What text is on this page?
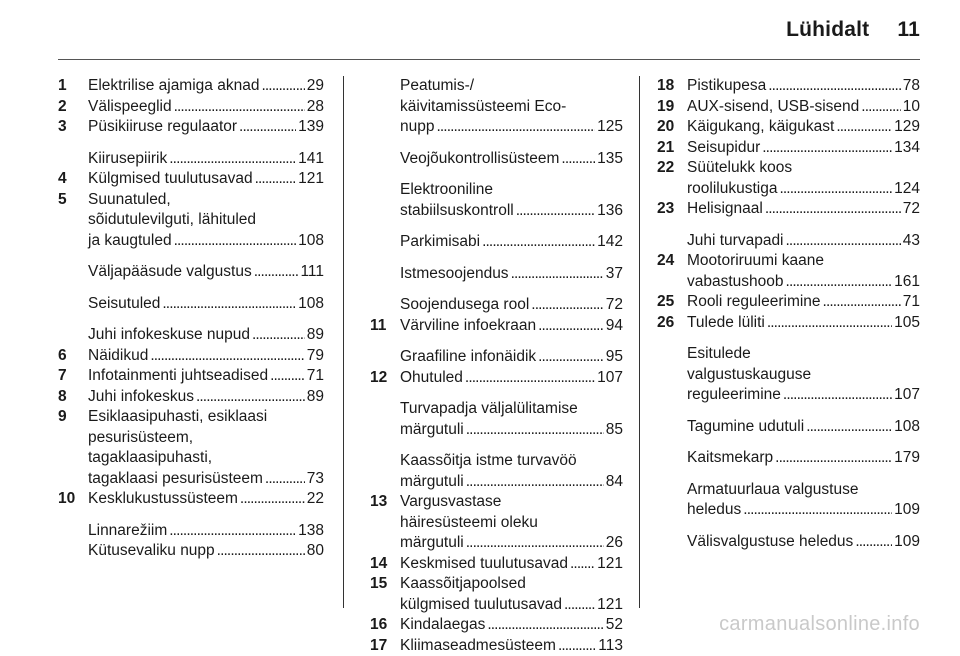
Lühidalt 11
1	Elektrilise ajamiga aknad . . .	29
2	Välispeeglid . . .	28
3	Püsikiiruse regulaator . . .	139
Kiirusepiirik . . .	141
4	Külgmised tuulutusavad . . .	121
5	Suunatuled,
sõidutulevilguti, lähituled
ja kaugtuled . . .	108
Väljapääsude valgustus . . .	111
Seisutuled . . .	108
Juhi infokeskuse nupud . . .	89
6	Näidikud . . .	79
7	Infotainmenti juhtseadised . . . 71
8	Juhi infokeskus . . .	89
9	Esiklaasipuhasti, esiklaasi
pesurisüsteem,
tagaklaasipuhasti,
tagaklaasi pesurisüsteem . . .	73
10 Kesklukustussüsteem . . .	22
Linnarežiim . . .	138
Kütusevaliku nupp . . .	80
Peatumis-/
käivitamissüsteemi Eco-
nupp . . .	125
Veojõukontrollisüsteem . . . 135
Elektrooniline
stabiilsuskontroll . . .	136
Parkimisabi . . .	142
Istmesoojendus . . .	37
Soojendusega rool . . .	72
11 Värviline infoekraan . . .	94
Graafiline infonäidik . . .	95
12 Ohutuled . . .	107
Turvapadja väljalülitamise
märgutuli . . .	85
Kaassõitja istme turvavöö
märgutuli . . .	84
13 Vargusvastase
häiresüsteemi oleku
märgutuli . . .	26
14 Keskmised tuulutusavad . . . 121
15 Kaassõitjapoolsed
külgmised tuulutusavad . . . 121
16 Kindalaegas . . .	52
17 Kliimaseadmesüsteem . . .	113
18 Pistikupesa . . .	78
19 AUX-sisend, USB-sisend . . .	10
20 Käigukang, käigukast . . .	129
21 Seisupidur . . .	134
22 Süütelukk koos
roolilukustiga . . .	124
23 Helisignaal . . .	72
Juhi turvapadi . . .	43
24 Mootoriruumi kaane
vabastushoob . . .	161
25 Rooli reguleerimine . . .	71
26 Tulede lüliti . . .	105
Esitulede
valgustuskauguse
reguleerimine . . .	107
Tagumine udutuli . . .	108
Kaitsmekarp . . .	179
Armatuurlaua valgustuse
heledus . . .	109
Välisvalgustuse heledus . . .	109
carmanualsonline.info
